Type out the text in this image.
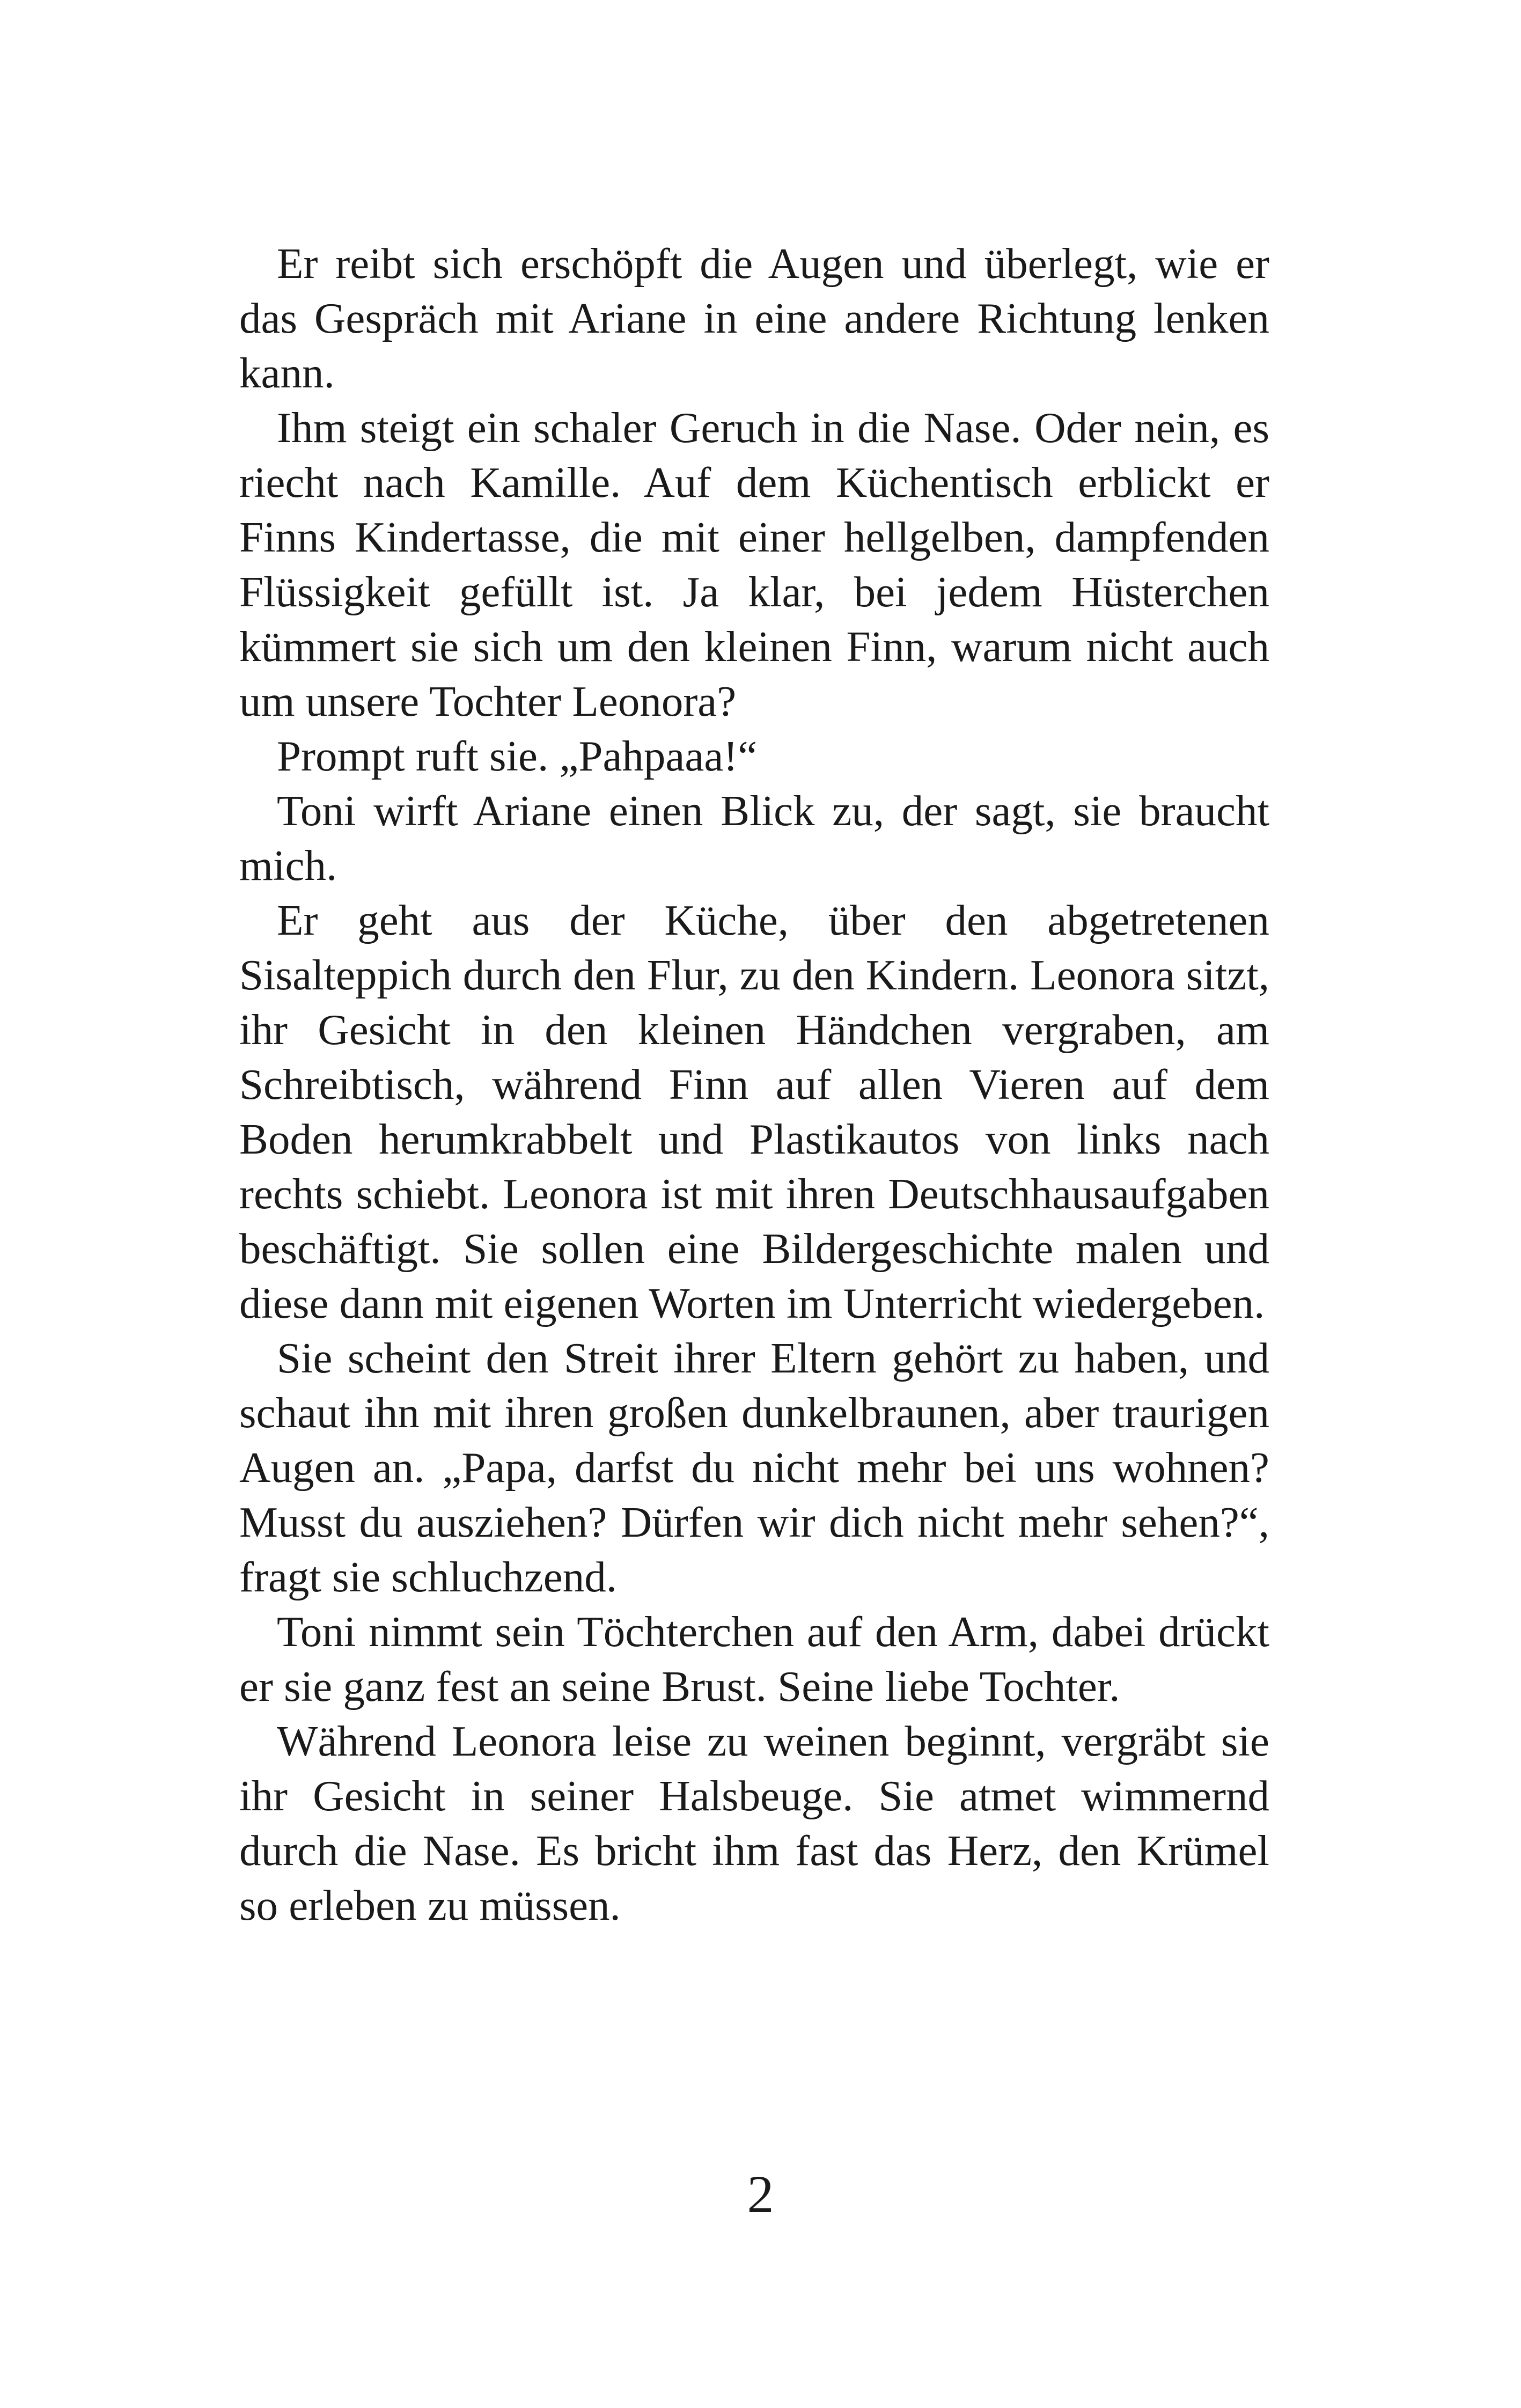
Er reibt sich erschöpft die Augen und überlegt, wie er das Gespräch mit Ariane in eine andere Richtung lenken kann.

Ihm steigt ein schaler Geruch in die Nase. Oder nein, es riecht nach Kamille. Auf dem Küchentisch erblickt er Finns Kindertasse, die mit einer hellgelben, dampfenden Flüssigkeit gefüllt ist. Ja klar, bei jedem Hüsterchen kümmert sie sich um den kleinen Finn, warum nicht auch um unsere Tochter Leonora?

Prompt ruft sie. „Pahpaaa!“

Toni wirft Ariane einen Blick zu, der sagt, sie braucht mich.

Er geht aus der Küche, über den abgetretenen Sisalteppich durch den Flur, zu den Kindern. Leonora sitzt, ihr Gesicht in den kleinen Händchen vergraben, am Schreibtisch, während Finn auf allen Vieren auf dem Boden herumkrabbelt und Plastikautos von links nach rechts schiebt. Leonora ist mit ihren Deutschhausaufgaben beschäftigt. Sie sollen eine Bildergeschichte malen und diese dann mit eigenen Worten im Unterricht wiedergeben.

Sie scheint den Streit ihrer Eltern gehört zu haben, und schaut ihn mit ihren großen dunkelbraunen, aber traurigen Augen an. „Papa, darfst du nicht mehr bei uns wohnen? Musst du ausziehen? Dürfen wir dich nicht mehr sehen?“, fragt sie schluchzend.

Toni nimmt sein Töchterchen auf den Arm, dabei drückt er sie ganz fest an seine Brust. Seine liebe Tochter.

Während Leonora leise zu weinen beginnt, vergräbt sie ihr Gesicht in seiner Halsbeuge. Sie atmet wimmernd durch die Nase. Es bricht ihm fast das Herz, den Krümel so erleben zu müssen.

2
